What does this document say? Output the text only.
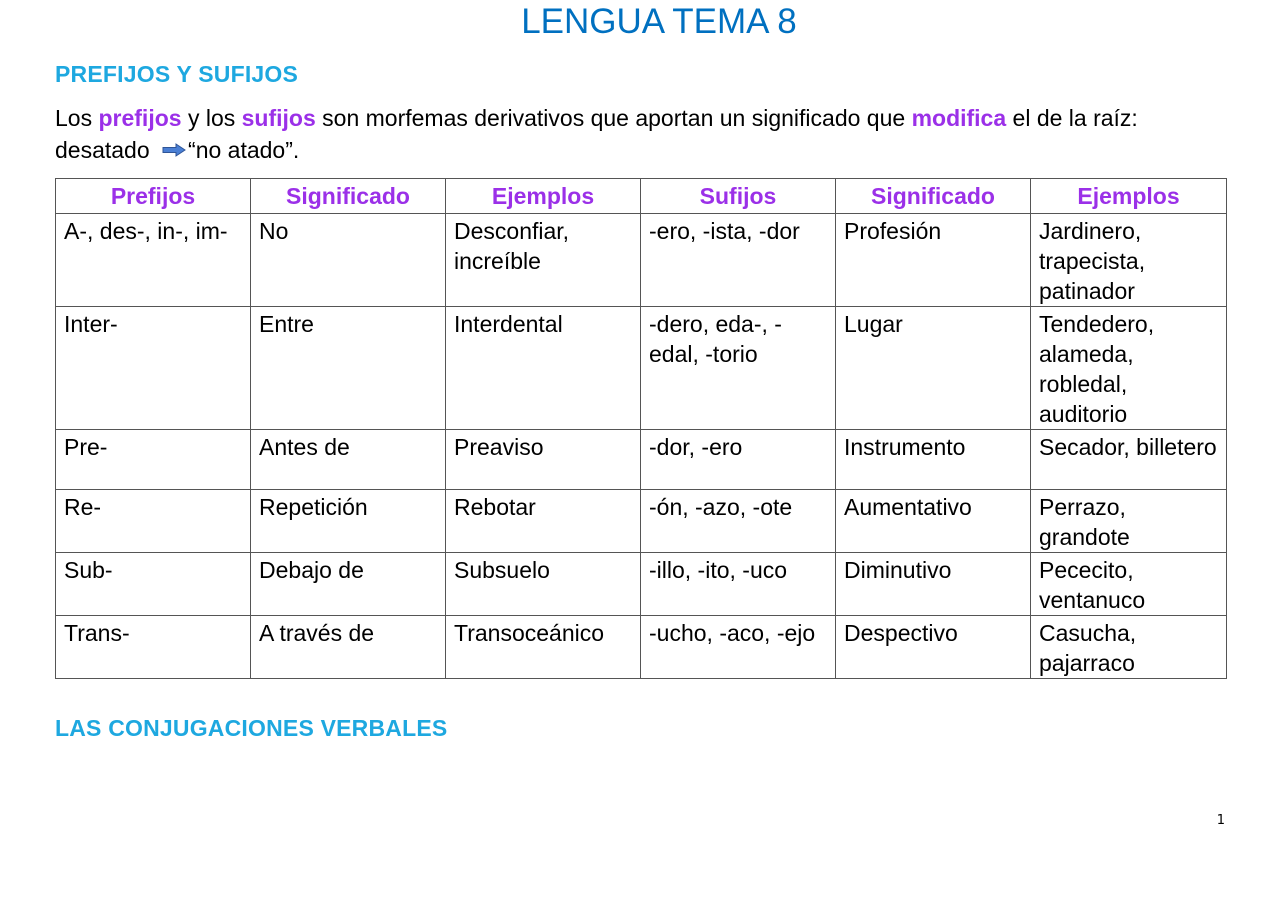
LENGUA TEMA 8
PREFIJOS Y SUFIJOS

Los prefijos y los sufijos son morfemas derivativos que aportan un significado que modifica el de la raíz: desatado “no atado”.

Prefijos	Significado	Ejemplos	Sufijos	Significado	Ejemplos
A-, des-, in-, im-	No	Desconfiar, increíble	-ero, -ista, -dor	Profesión	Jardinero, trapecista, patinador
Inter-	Entre	Interdental	-dero, eda-, -edal, -torio	Lugar	Tendedero, alameda, robledal, auditorio
Pre-	Antes de	Preaviso	-dor, -ero	Instrumento	Secador, billetero
Re-	Repetición	Rebotar	-ón, -azo, -ote	Aumentativo	Perrazo, grandote
Sub-	Debajo de	Subsuelo	-illo, -ito, -uco	Diminutivo	Pececito, ventanuco
Trans-	A través de	Transoceánico	-ucho, -aco, -ejo	Despectivo	Casucha, pajarraco
LAS CONJUGACIONES VERBALES
1
